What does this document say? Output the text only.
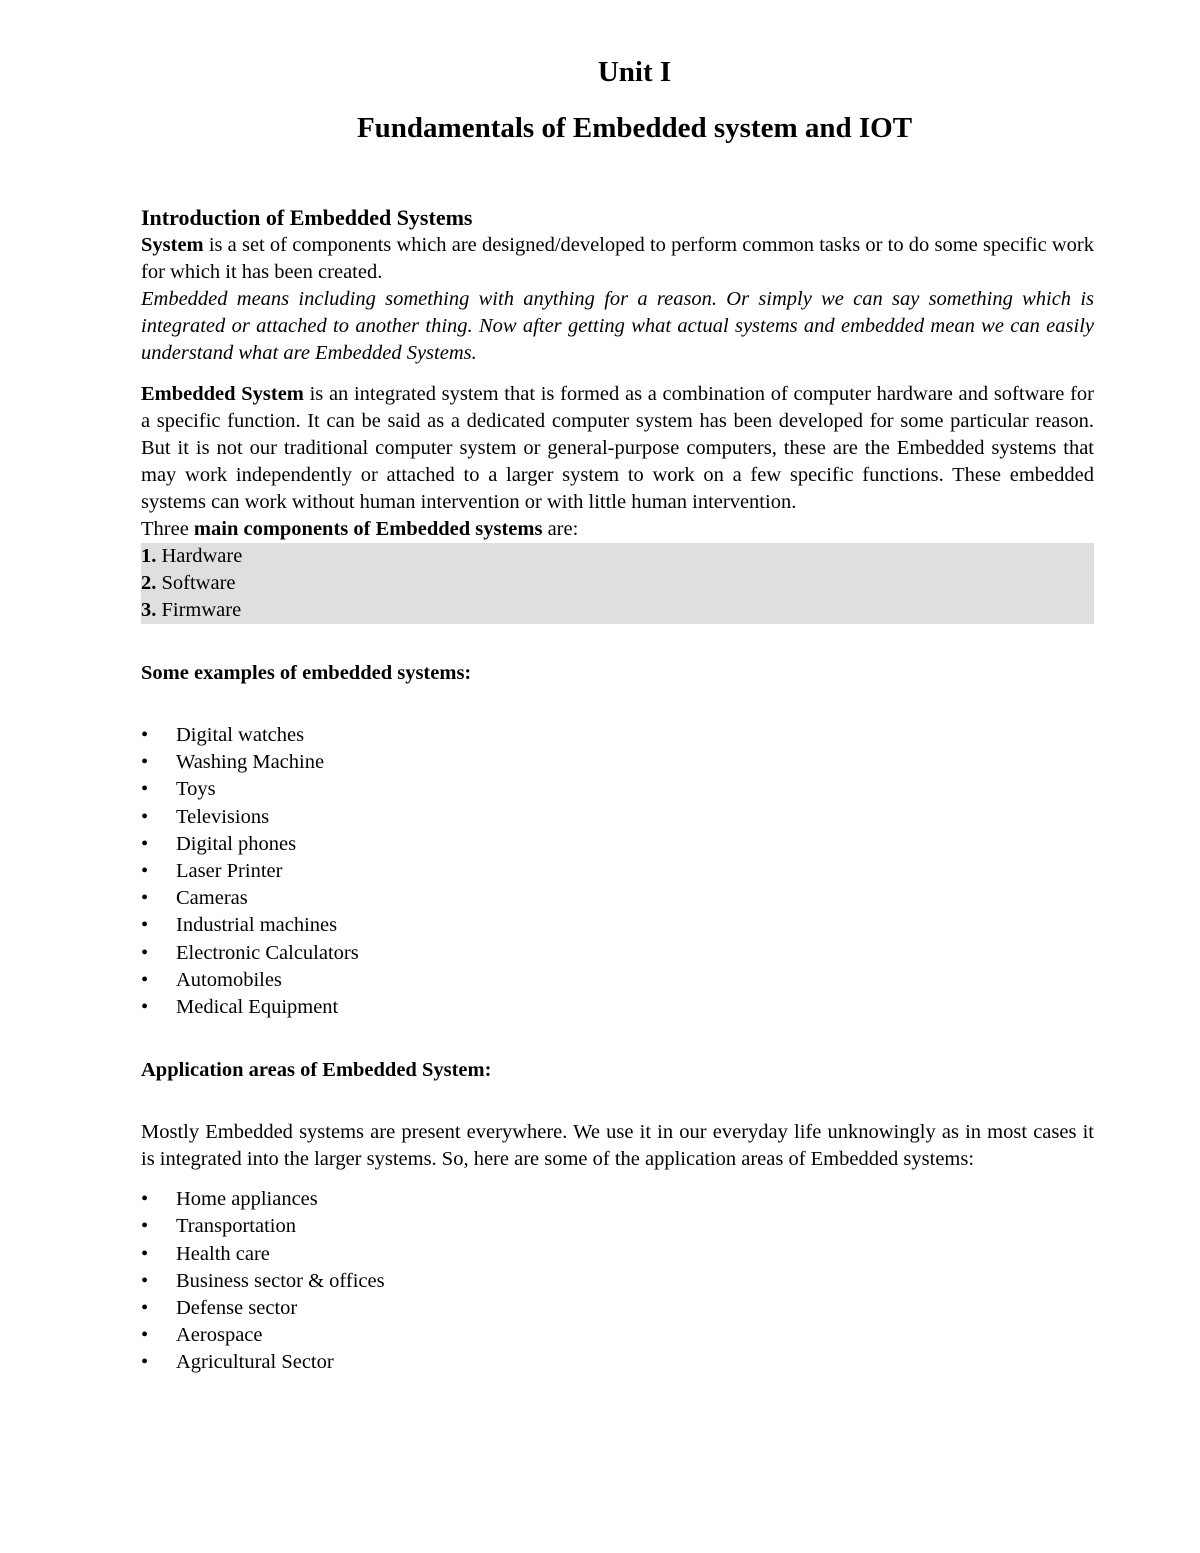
Unit I
Fundamentals of Embedded system and IOT
Introduction of Embedded Systems

System is a set of components which are designed/developed to perform common tasks or to do some specific work for which it has been created.

Embedded means including something with anything for a reason. Or simply we can say something which is integrated or attached to another thing. Now after getting what actual systems and embedded mean we can easily understand what are Embedded Systems.

Embedded System is an integrated system that is formed as a combination of computer hardware and software for a specific function. It can be said as a dedicated computer system has been developed for some particular reason. But it is not our traditional computer system or general-purpose computers, these are the Embedded systems that may work independently or attached to a larger system to work on a few specific functions. These embedded systems can work without human intervention or with little human intervention.

Three main components of Embedded systems are:

1. Hardware
2. Software
3. Firmware
Some examples of embedded systems:
• Digital watches
• Washing Machine
• Toys
• Televisions
• Digital phones
• Laser Printer
• Cameras
• Industrial machines
• Electronic Calculators
• Automobiles
• Medical Equipment
Application areas of Embedded System:

Mostly Embedded systems are present everywhere. We use it in our everyday life unknowingly as in most cases it is integrated into the larger systems. So, here are some of the application areas of Embedded systems:

• Home appliances
• Transportation
• Health care
• Business sector & offices
• Defense sector
• Aerospace
• Agricultural Sector
